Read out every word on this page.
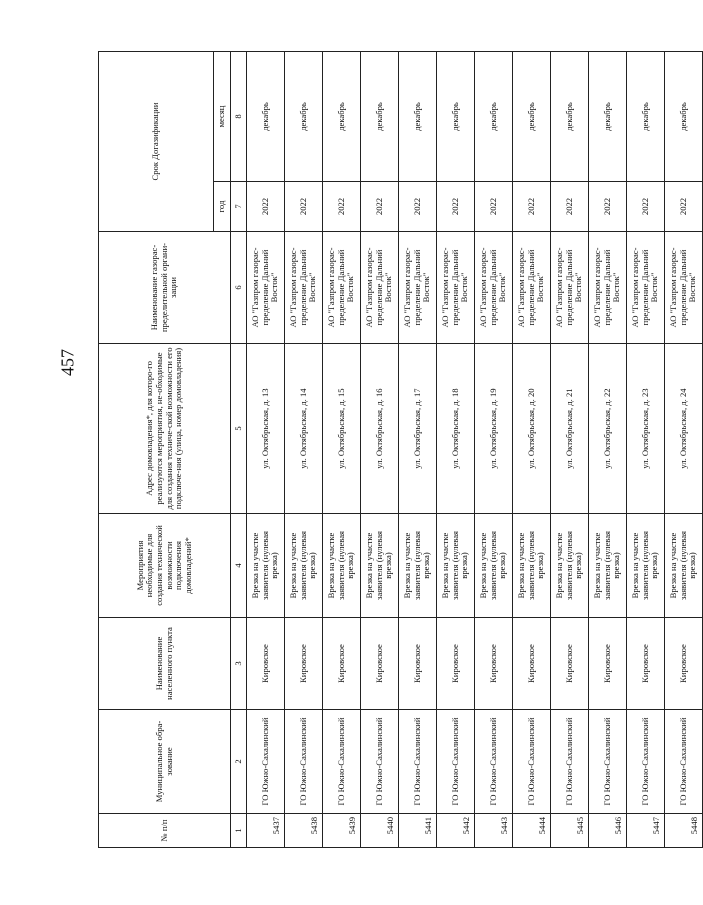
457
№ п/п	Муниципальное обра-зование	Наименование населенного пункта	Мероприятия необходимые для создания технической возможности подключения домовладений*	Адрес домовладения*, для которо-го реализуются мероприятия, не-обходимые для создания техниче-ской возможности его подключе-ния (улица, номер домовладения)	Наименование газорас-пределительной органи-зации	Срок Догазификации	
						год	месяц
1	2	3	4	5	6	7	8
5437	ГО Южно-Сахалинский	Кировское	Врезка на участке заявителя (нулевая врезка)	ул. Октябрьская, д. 13	АО "Газпром газорас-пределение Дальний Восток"	2022	декабрь
5438	ГО Южно-Сахалинский	Кировское	Врезка на участке заявителя (нулевая врезка)	ул. Октябрьская, д. 14	АО "Газпром газорас-пределение Дальний Восток"	2022	декабрь
5439	ГО Южно-Сахалинский	Кировское	Врезка на участке заявителя (нулевая врезка)	ул. Октябрьская, д. 15	АО "Газпром газорас-пределение Дальний Восток"	2022	декабрь
5440	ГО Южно-Сахалинский	Кировское	Врезка на участке заявителя (нулевая врезка)	ул. Октябрьская, д. 16	АО "Газпром газорас-пределение Дальний Восток"	2022	декабрь
5441	ГО Южно-Сахалинский	Кировское	Врезка на участке заявителя (нулевая врезка)	ул. Октябрьская, д. 17	АО "Газпром газорас-пределение Дальний Восток"	2022	декабрь
5442	ГО Южно-Сахалинский	Кировское	Врезка на участке заявителя (нулевая врезка)	ул. Октябрьская, д. 18	АО "Газпром газорас-пределение Дальний Восток"	2022	декабрь
5443	ГО Южно-Сахалинский	Кировское	Врезка на участке заявителя (нулевая врезка)	ул. Октябрьская, д. 19	АО "Газпром газорас-пределение Дальний Восток"	2022	декабрь
5444	ГО Южно-Сахалинский	Кировское	Врезка на участке заявителя (нулевая врезка)	ул. Октябрьская, д. 20	АО "Газпром газорас-пределение Дальний Восток"	2022	декабрь
5445	ГО Южно-Сахалинский	Кировское	Врезка на участке заявителя (нулевая врезка)	ул. Октябрьская, д. 21	АО "Газпром газорас-пределение Дальний Восток"	2022	декабрь
5446	ГО Южно-Сахалинский	Кировское	Врезка на участке заявителя (нулевая врезка)	ул. Октябрьская, д. 22	АО "Газпром газорас-пределение Дальний Восток"	2022	декабрь
5447	ГО Южно-Сахалинский	Кировское	Врезка на участке заявителя (нулевая врезка)	ул. Октябрьская, д. 23	АО "Газпром газорас-пределение Дальний Восток"	2022	декабрь
5448	ГО Южно-Сахалинский	Кировское	Врезка на участке заявителя (нулевая врезка)	ул. Октябрьская, д. 24	АО "Газпром газорас-пределение Дальний Восток"	2022	декабрь
